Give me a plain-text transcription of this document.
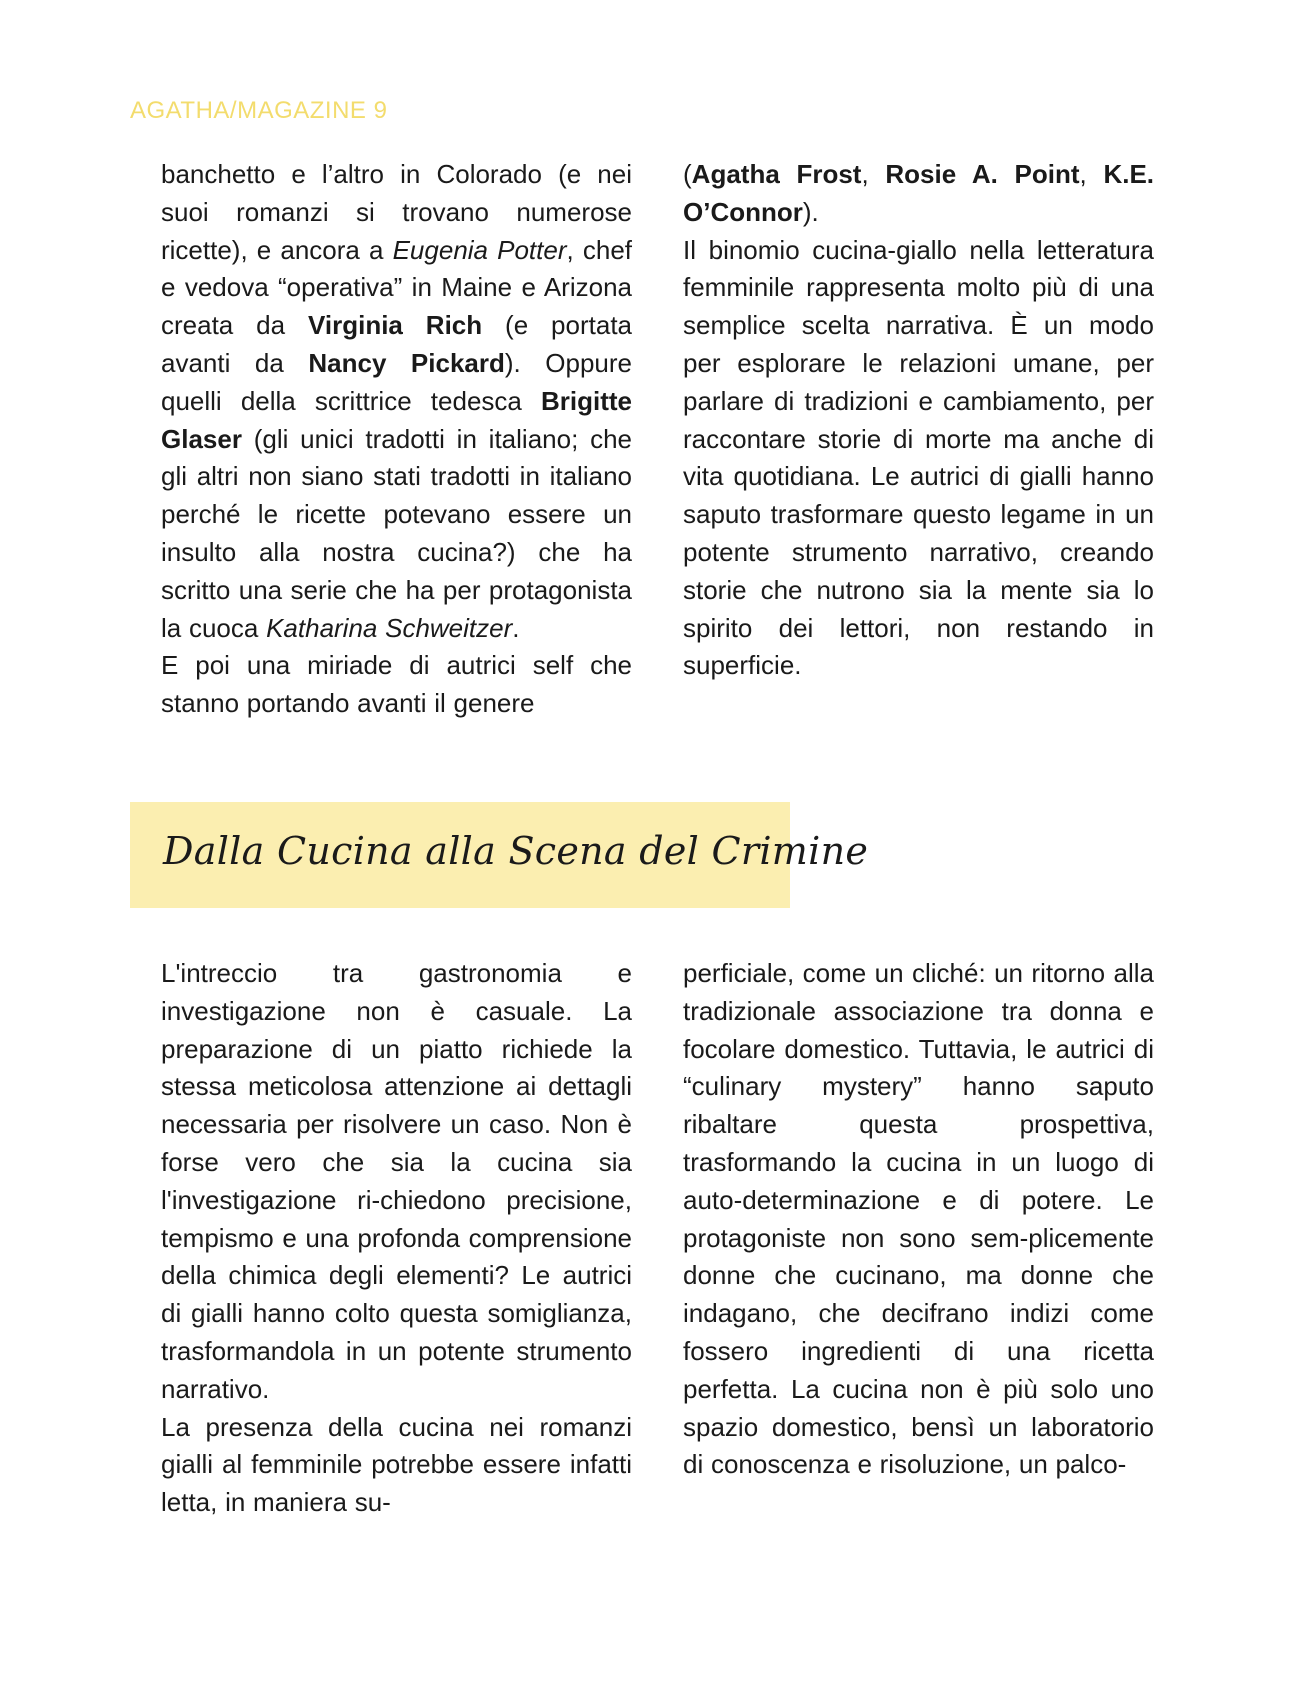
AGATHA/MAGAZINE 9

banchetto e l’altro in Colorado (e nei suoi romanzi si trovano numerose ricette), e ancora a Eugenia Potter, chef e vedova “operativa” in Maine e Arizona creata da Virginia Rich (e portata avanti da Nancy Pickard). Oppure quelli della scrittrice tedesca Brigitte Glaser (gli unici tradotti in italiano; che gli altri non siano stati tradotti in italiano perché le ricette potevano essere un insulto alla nostra cucina?) che ha scritto una serie che ha per protagonista la cuoca Katharina Schweitzer.

E poi una miriade di autrici self che stanno portando avanti il genere

(Agatha Frost, Rosie A. Point, K.E. O’Connor).

Il binomio cucina-giallo nella letteratura femminile rappresenta molto più di una semplice scelta narrativa. È un modo per esplorare le relazioni umane, per parlare di tradizioni e cambiamento, per raccontare storie di morte ma anche di vita quotidiana. Le autrici di gialli hanno saputo trasformare questo legame in un potente strumento narrativo, creando storie che nutrono sia la mente sia lo spirito dei lettori, non restando in superficie.

Dalla Cucina alla Scena del Crimine

L'intreccio tra gastronomia e investigazione non è casuale. La preparazione di un piatto richiede la stessa meticolosa attenzione ai dettagli necessaria per risolvere un caso. Non è forse vero che sia la cucina sia l'investigazione ri-chiedono precisione, tempismo e una profonda comprensione della chimica degli elementi? Le autrici di gialli hanno colto questa somiglianza, trasformandola in un potente strumento narrativo.

La presenza della cucina nei romanzi gialli al femminile potrebbe essere infatti letta, in maniera su-

perficiale, come un cliché: un ritorno alla tradizionale associazione tra donna e focolare domestico. Tuttavia, le autrici di “culinary mystery” hanno saputo ribaltare questa prospettiva, trasformando la cucina in un luogo di auto-determinazione e di potere. Le protagoniste non sono sem-plicemente donne che cucinano, ma donne che indagano, che decifrano indizi come fossero ingredienti di una ricetta perfetta. La cucina non è più solo uno spazio domestico, bensì un laboratorio di conoscenza e risoluzione, un palco-
